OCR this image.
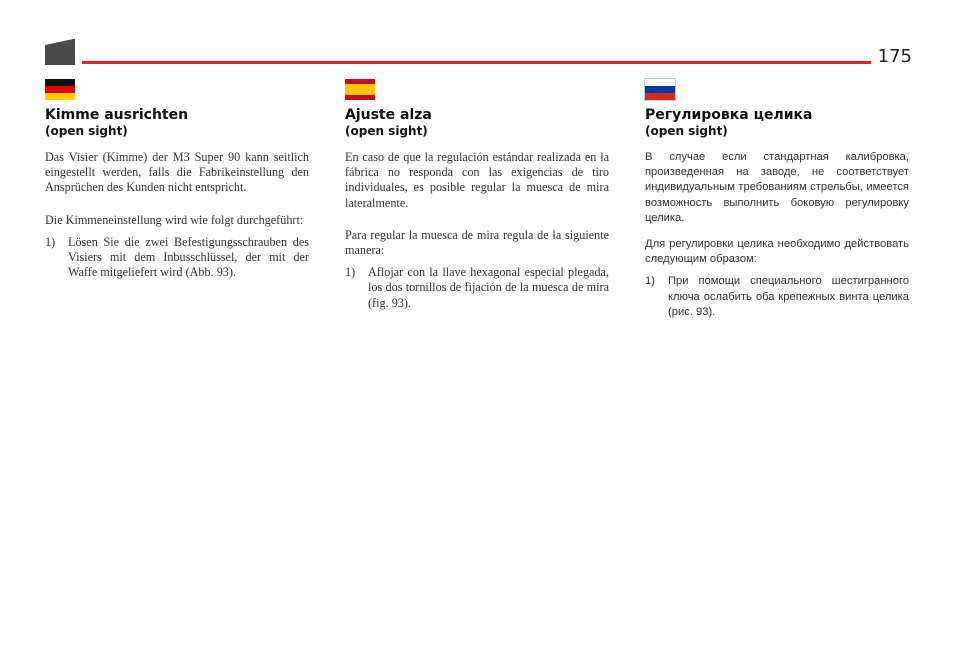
175
Kimme ausrichten
(open sight)

Das Visier (Kimme) der M3 Super 90 kann seitlich eingestellt werden, falls die Fabrikeinstellung den Ansprüchen des Kunden nicht entspricht.

Die Kimmeneinstellung wird wie folgt durchgeführt:

1)	Lösen Sie die zwei Befestigungsschrauben des Visiers mit dem Inbusschlüssel, der mit der Waffe mitgeliefert wird (Abb. 93).
Ajuste alza
(open sight)

En caso de que la regulación estándar realizada en la fábrica no responda con las exigencias de tiro individuales, es posible regular la muesca de mira lateralmente.

Para regular la muesca de mira regula de la siguiente manera:

1)	Aflojar con la llave hexagonal especial plegada, los dos tornillos de fijación de la muesca de mira (fig. 93).
Регулировка целика
(open sight)

В случае если стандартная калибровка, произведенная на заводе, не соответствует индивидуальным требованиям стрельбы, имеется возможность выполнить боковую регулировку целика.

Для регулировки целика необходимо действовать следующим образом:

1)	При помощи специального шестигранного ключа ослабить оба крепежных винта целика (рис. 93).
